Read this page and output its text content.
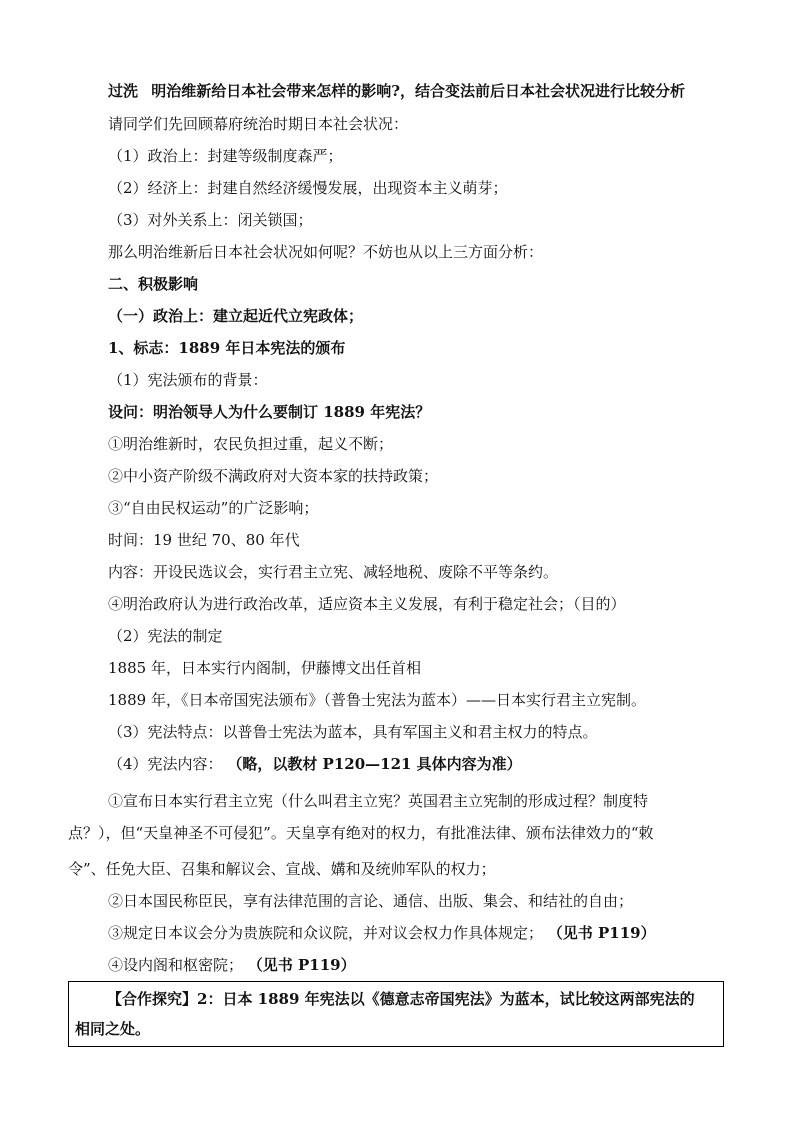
过洗 明治维新给日本社会带来怎样的影响?，结合变法前后日本社会状况进行比较分析
请同学们先回顾幕府统治时期日本社会状况：
（1）政治上：封建等级制度森严；
（2）经济上：封建自然经济缓慢发展，出现资本主义萌芽；
（3）对外关系上：闭关锁国；
那么明治维新后日本社会状况如何呢？不妨也从以上三方面分析：
二、积极影响
（一）政治上：建立起近代立宪政体；
1、标志：1889 年日本宪法的颁布
（1）宪法颁布的背景：
设问：明治领导人为什么要制订 1889 年宪法？
①明治维新时，农民负担过重，起义不断；
②中小资产阶级不满政府对大资本家的扶持政策；
③“自由民权运动”的广泛影响；
时间：19 世纪 70、80 年代
内容：开设民选议会，实行君主立宪、减轻地税、废除不平等条约。
④明治政府认为进行政治改革，适应资本主义发展，有利于稳定社会；（目的）
（2）宪法的制定
1885 年，日本实行内阁制，伊藤博文出任首相
1889 年，《日本帝国宪法颁布》（普鲁士宪法为蓝本）——日本实行君主立宪制。
（3）宪法特点：以普鲁士宪法为蓝本，具有军国主义和君主权力的特点。
（4）宪法内容： （略，以教材 P120—121 具体内容为准）
①宣布日本实行君主立宪（什么叫君主立宪？英国君主立宪制的形成过程？制度特
点？），但“天皇神圣不可侵犯”。天皇享有绝对的权力，有批准法律、颁布法律效力的“敕
令”、任免大臣、召集和解议会、宣战、媾和及统帅军队的权力；
②日本国民称臣民，享有法律范围的言论、通信、出版、集会、和结社的自由；
③规定日本议会分为贵族院和众议院，并对议会权力作具体规定； （见书 P119）
④设内阁和枢密院； （见书 P119）
【合作探究】2：日本 1889 年宪法以《德意志帝国宪法》为蓝本，试比较这两部宪法的
相同之处。
